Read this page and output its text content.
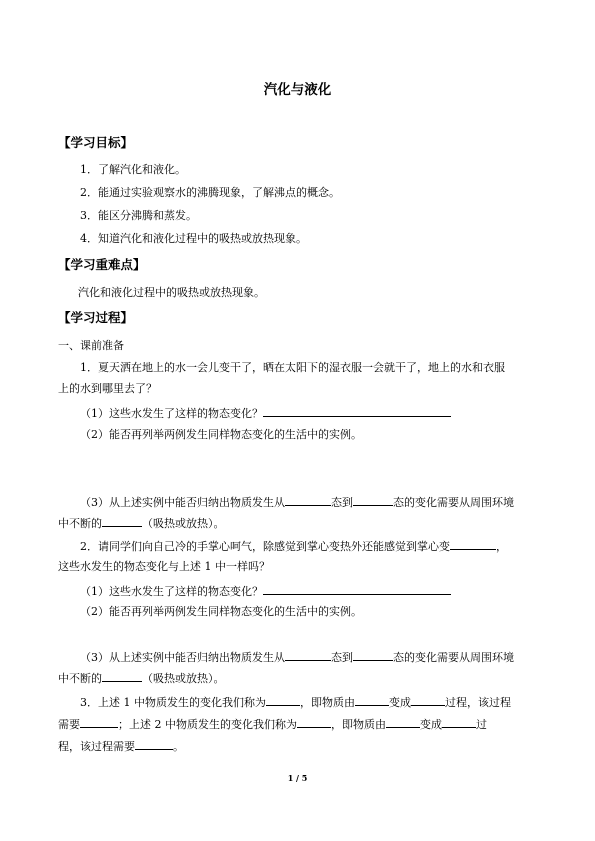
汽化与液化
【学习目标】
1．了解汽化和液化。
2．能通过实验观察水的沸腾现象，了解沸点的概念。
3．能区分沸腾和蒸发。
4．知道汽化和液化过程中的吸热或放热现象。
【学习重难点】
汽化和液化过程中的吸热或放热现象。
【学习过程】
一、课前准备
1．夏天洒在地上的水一会儿变干了，晒在太阳下的湿衣服一会就干了，地上的水和衣服
上的水到哪里去了？
（1）这些水发生了这样的物态变化？
（2）能否再列举两例发生同样物态变化的生活中的实例。
（3）从上述实例中能否归纳出物质发生从	态到	态的变化需要从周围环境
中不断的	（吸热或放热）。
2．请同学们向自己冷的手掌心呵气，除感觉到掌心变热外还能感觉到掌心变	，
这些水发生的物态变化与上述 1 中一样吗？
（1）这些水发生了这样的物态变化？
（2）能否再列举两例发生同样物态变化的生活中的实例。
（3）从上述实例中能否归纳出物质发生从	态到	态的变化需要从周围环境
中不断的	（吸热或放热）。
3．上述 1 中物质发生的变化我们称为	，即物质由	变成	过程，该过程
需要	；上述 2 中物质发生的变化我们称为	，即物质由	变成	过
程，该过程需要	。
1 / 5
